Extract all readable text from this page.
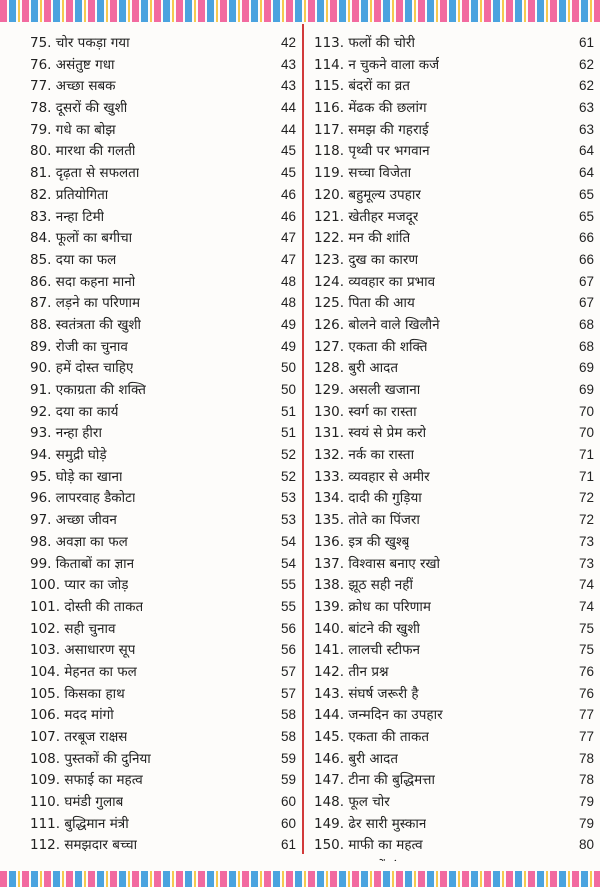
75. चोर पकड़ा गया	42
76. असंतुष्ट गधा	43
77. अच्छा सबक	43
78. दूसरों की खुशी	44
79. गधे का बोझ	44
80. मारथा की गलती	45
81. दृढ़ता से सफलता	45
82. प्रतियोगिता	46
83. नन्हा टिमी	46
84. फूलों का बगीचा	47
85. दया का फल	47
86. सदा कहना मानो	48
87. लड़ने का परिणाम	48
88. स्वतंत्रता की खुशी	49
89. रोजी का चुनाव	49
90. हमें दोस्त चाहिए	50
91. एकाग्रता की शक्ति	50
92. दया का कार्य	51
93. नन्हा हीरा	51
94. समुद्री घोड़े	52
95. घोड़े का खाना	52
96. लापरवाह डैकोटा	53
97. अच्छा जीवन	53
98. अवज्ञा का फल	54
99. किताबों का ज्ञान	54
100. प्यार का जोड़	55
101. दोस्ती की ताकत	55
102. सही चुनाव	56
103. असाधारण सूप	56
104. मेहनत का फल	57
105. किसका हाथ	57
106. मदद मांगो	58
107. तरबूज राक्षस	58
108. पुस्तकों की दुनिया	59
109. सफाई का महत्व	59
110. घमंडी गुलाब	60
111. बुद्धिमान मंत्री	60
112. समझदार बच्चा	61
113. फलों की चोरी	61
114. न चुकने वाला कर्ज	62
115. बंदरों का व्रत	62
116. मेंढक की छलांग	63
117. समझ की गहराई	63
118. पृथ्वी पर भगवान	64
119. सच्चा विजेता	64
120. बहुमूल्य उपहार	65
121. खेतीहर मजदूर	65
122. मन की शांति	66
123. दुख का कारण	66
124. व्यवहार का प्रभाव	67
125. पिता की आय	67
126. बोलने वाले खिलौने	68
127. एकता की शक्ति	68
128. बुरी आदत	69
129. असली खजाना	69
130. स्वर्ग का रास्ता	70
131. स्वयं से प्रेम करो	70
132. नर्क का रास्ता	71
133. व्यवहार से अमीर	71
134. दादी की गुड़िया	72
135. तोते का पिंजरा	72
136. इत्र की खुश्बू	73
137. विश्वास बनाए रखो	73
138. झूठ सही नहीं	74
139. क्रोध का परिणाम	74
140. बांटने की खुशी	75
141. लालची स्टीफन	75
142. तीन प्रश्न	76
143. संघर्ष जरूरी है	76
144. जन्मदिन का उपहार	77
145. एकता की ताकत	77
146. बुरी आदत	78
147. टीना की बुद्धिमत्ता	78
148. फूल चोर	79
149. ढेर सारी मुस्कान	79
150. माफी का महत्व	80
